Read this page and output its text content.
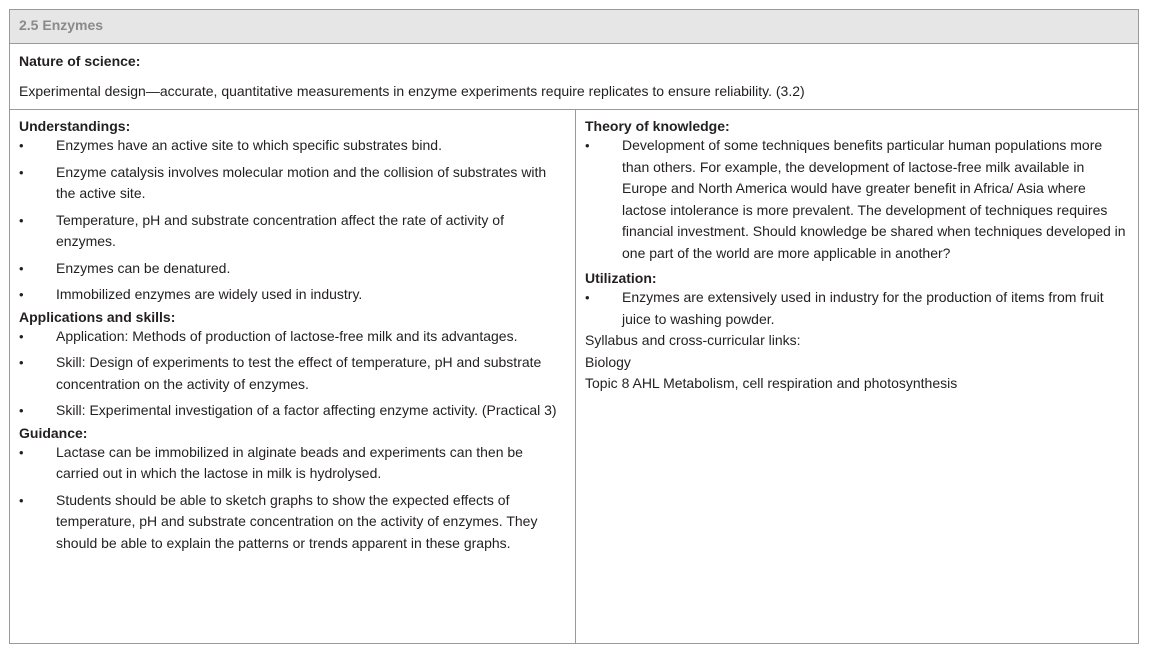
2.5 Enzymes
Nature of science:
Experimental design—accurate, quantitative measurements in enzyme experiments require replicates to ensure reliability. (3.2)
Understandings:
•	Enzymes have an active site to which specific substrates bind.
•	Enzyme catalysis involves molecular motion and the collision of substrates with the active site.
•	Temperature, pH and substrate concentration affect the rate of activity of enzymes.
•	Enzymes can be denatured.
•	Immobilized enzymes are widely used in industry.
Applications and skills:
•	Application: Methods of production of lactose-free milk and its advantages.
•	Skill: Design of experiments to test the effect of temperature, pH and substrate concentration on the activity of enzymes.
•	Skill: Experimental investigation of a factor affecting enzyme activity. (Practical 3)
Guidance:
•	Lactase can be immobilized in alginate beads and experiments can then be carried out in which the lactose in milk is hydrolysed.
•	Students should be able to sketch graphs to show the expected effects of temperature, pH and substrate concentration on the activity of enzymes. They should be able to explain the patterns or trends apparent in these graphs.
Theory of knowledge:
•	Development of some techniques benefits particular human populations more than others. For example, the development of lactose-free milk available in Europe and North America would have greater benefit in Africa/ Asia where lactose intolerance is more prevalent. The development of techniques requires financial investment. Should knowledge be shared when techniques developed in one part of the world are more applicable in another?
Utilization:
•	Enzymes are extensively used in industry for the production of items from fruit juice to washing powder.

Syllabus and cross-curricular links:

Biology

Topic 8 AHL Metabolism, cell respiration and photosynthesis
